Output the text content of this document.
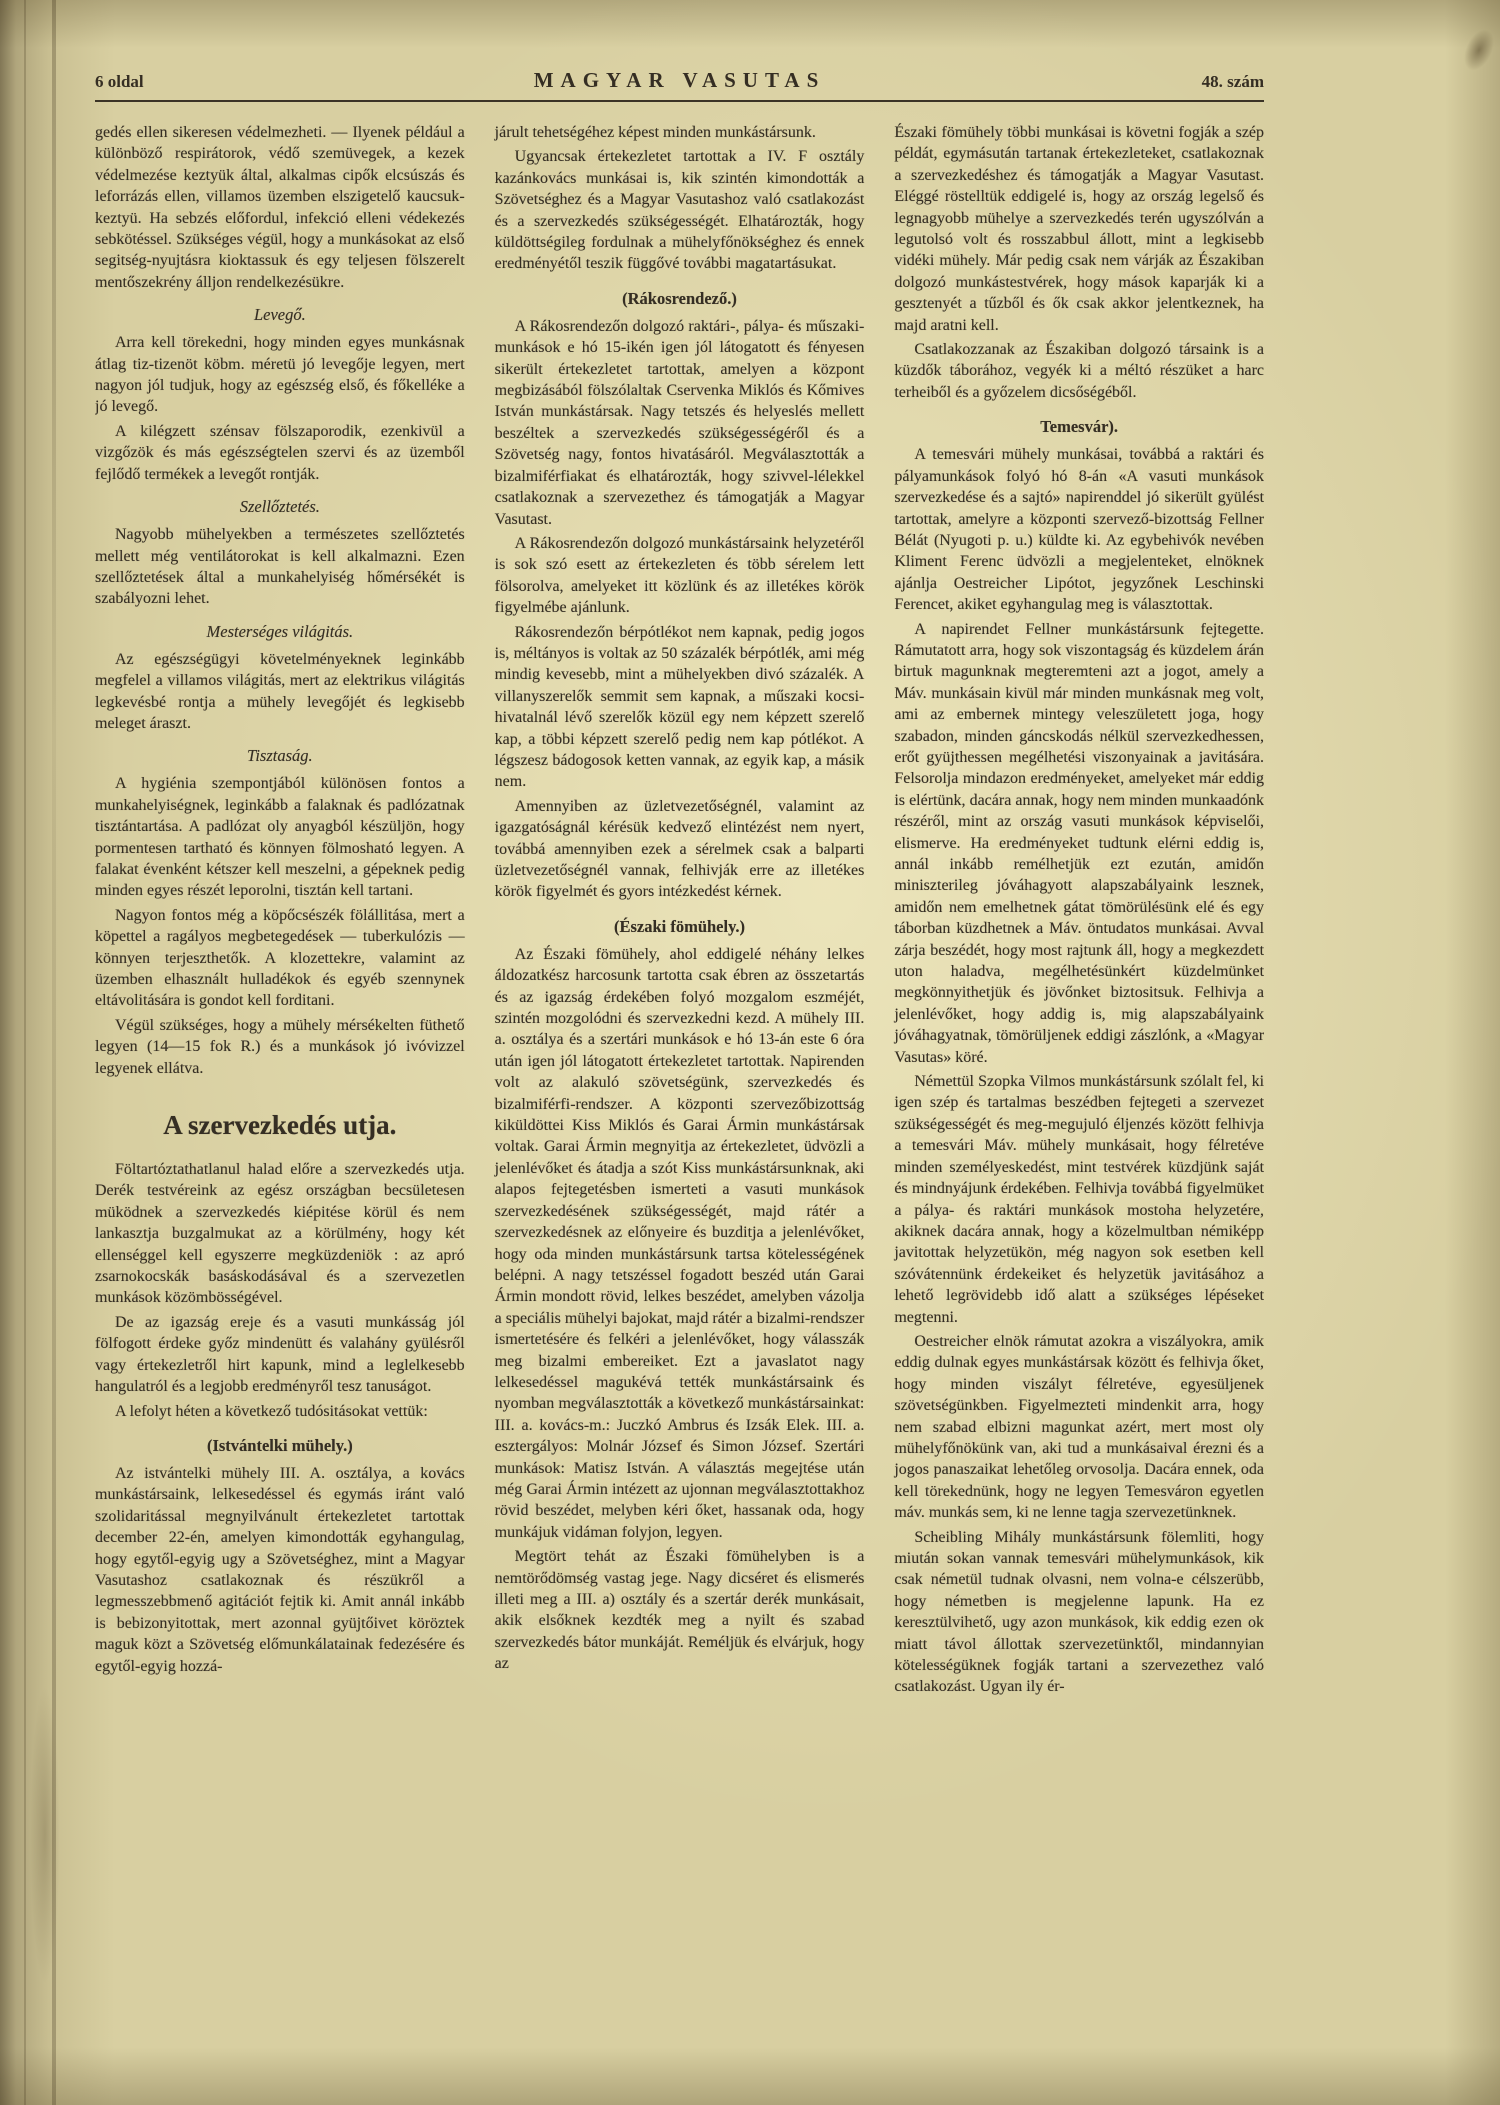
6 oldal	MAGYAR VASUTAS	48. szám

gedés ellen sikeresen védelmezheti. — Ilyenek például a különböző respirátorok, védő szemüvegek, a kezek védelmezése keztyük által, alkalmas cipők elcsúszás és leforrázás ellen, villamos üzemben elszigetelő kaucsuk-keztyü. Ha sebzés előfordul, infekció elleni védekezés sebkötéssel. Szükséges végül, hogy a munkásokat az első segitség-nyujtásra kioktassuk és egy teljesen fölszerelt mentőszekrény álljon rendelkezésükre.

Levegő.

Arra kell törekedni, hogy minden egyes munkásnak átlag tiz-tizenöt köbm. méretü jó levegője legyen, mert nagyon jól tudjuk, hogy az egészség első, és főkelléke a jó levegő.

A kilégzett szénsav fölszaporodik, ezenkivül a vizgőzök és más egészségtelen szervi és az üzemből fejlődő termékek a levegőt rontják.

Szellőztetés.

Nagyobb mühelyekben a természetes szellőztetés mellett még ventilátorokat is kell alkalmazni. Ezen szellőztetések által a munkahelyiség hőmérsékét is szabályozni lehet.

Mesterséges világitás.

Az egészségügyi követelményeknek leginkább megfelel a villamos világitás, mert az elektrikus világitás legkevésbé rontja a mühely levegőjét és legkisebb meleget áraszt.

Tisztaság.

A hygiénia szempontjából különösen fontos a munkahelyiségnek, leginkább a falaknak és padlózatnak tisztántartása. A padlózat oly anyagból készüljön, hogy pormentesen tartható és könnyen fölmosható legyen. A falakat évenként kétszer kell meszelni, a gépeknek pedig minden egyes részét leporolni, tisztán kell tartani.

Nagyon fontos még a köpőcsészék fölállitása, mert a köpettel a ragályos megbetegedések — tuberkulózis — könnyen terjeszthetők. A klozettekre, valamint az üzemben elhasznált hulladékok és egyéb szennynek eltávolitására is gondot kell forditani.

Végül szükséges, hogy a mühely mérsékelten füthető legyen (14—15 fok R.) és a munkások jó ivóvizzel legyenek ellátva.

A szervezkedés utja.

Föltartóztathatlanul halad előre a szervezkedés utja. Derék testvéreink az egész országban becsületesen müködnek a szervezkedés kiépitése körül és nem lankasztja buzgalmukat az a körülmény, hogy két ellenséggel kell egyszerre megküzdeniök : az apró zsarnokocskák basáskodásával és a szervezetlen munkások közömbösségével.

De az igazság ereje és a vasuti munkásság jól fölfogott érdeke győz mindenütt és valahány gyülésről vagy értekezletről hirt kapunk, mind a leglelkesebb hangulatról és a legjobb eredményről tesz tanuságot.

A lefolyt héten a következő tudósitásokat vettük:

(Istvántelki mühely.)

Az istvántelki mühely III. A. osztálya, a kovács munkástársaink, lelkesedéssel és egymás iránt való szolidaritással megnyilvánult értekezletet tartottak december 22-én, amelyen kimondották egyhangulag, hogy egytől-egyig ugy a Szövetséghez, mint a Magyar Vasutashoz csatlakoznak és részükről a legmesszebbmenő agitációt fejtik ki. Amit annál inkább is bebizonyitottak, mert azonnal gyüjtőivet köröztek maguk közt a Szövetség előmunkálatainak fedezésére és egytől-egyig hozzá-

járult tehetségéhez képest minden munkástársunk.

Ugyancsak értekezletet tartottak a IV. F osztály kazánkovács munkásai is, kik szintén kimondották a Szövetséghez és a Magyar Vasutashoz való csatlakozást és a szervezkedés szükségességét. Elhatározták, hogy küldöttségileg fordulnak a mühelyfőnökséghez és ennek eredményétől teszik függővé további magatartásukat.

(Rákosrendező.)

A Rákosrendezőn dolgozó raktári-, pálya- és műszaki-munkások e hó 15-ikén igen jól látogatott és fényesen sikerült értekezletet tartottak, amelyen a központ megbizásából fölszólaltak Cservenka Miklós és Kőmives István munkástársak. Nagy tetszés és helyeslés mellett beszéltek a szervezkedés szükségességéről és a Szövetség nagy, fontos hivatásáról. Megválasztották a bizalmiférfiakat és elhatározták, hogy szivvel-lélekkel csatlakoznak a szervezethez és támogatják a Magyar Vasutast.

A Rákosrendezőn dolgozó munkástársaink helyzetéről is sok szó esett az értekezleten és több sérelem lett fölsorolva, amelyeket itt közlünk és az illetékes körök figyelmébe ajánlunk.

Rákosrendezőn bérpótlékot nem kapnak, pedig jogos is, méltányos is voltak az 50 százalék bérpótlék, ami még mindig kevesebb, mint a mühelyekben divó százalék. A villanyszerelők semmit sem kapnak, a műszaki kocsi-hivatalnál lévő szerelők közül egy nem képzett szerelő kap, a többi képzett szerelő pedig nem kap pótlékot. A légszesz bádogosok ketten vannak, az egyik kap, a másik nem.

Amennyiben az üzletvezetőségnél, valamint az igazgatóságnál kérésük kedvező elintézést nem nyert, továbbá amennyiben ezek a sérelmek csak a balparti üzletvezetőségnél vannak, felhivják erre az illetékes körök figyelmét és gyors intézkedést kérnek.

(Északi fömühely.)

Az Északi fömühely, ahol eddigelé néhány lelkes áldozatkész harcosunk tartotta csak ébren az összetartás és az igazság érdekében folyó mozgalom eszméjét, szintén mozgolódni és szervezkedni kezd. A mühely III. a. osztálya és a szertári munkások e hó 13-án este 6 óra után igen jól látogatott értekezletet tartottak. Napirenden volt az alakuló szövetségünk, szervezkedés és bizalmiférfi-rendszer. A központi szervezőbizottság kiküldöttei Kiss Miklós és Garai Ármin munkástársak voltak. Garai Ármin megnyitja az értekezletet, üdvözli a jelenlévőket és átadja a szót Kiss munkástársunknak, aki alapos fejtegetésben ismerteti a vasuti munkások szervezkedésének szükségességét, majd rátér a szervezkedésnek az előnyeire és buzditja a jelenlévőket, hogy oda minden munkástársunk tartsa kötelességének belépni. A nagy tetszéssel fogadott beszéd után Garai Ármin mondott rövid, lelkes beszédet, amelyben vázolja a speciális mühelyi bajokat, majd rátér a bizalmi-rendszer ismertetésére és felkéri a jelenlévőket, hogy válasszák meg bizalmi embereiket. Ezt a javaslatot nagy lelkesedéssel magukévá tették munkástársaink és nyomban megválasztották a következő munkástársainkat: III. a. kovács-m.: Juczkó Ambrus és Izsák Elek. III. a. esztergályos: Molnár József és Simon József. Szertári munkások: Matisz István. A választás megejtése után még Garai Ármin intézett az ujonnan megválasztottakhoz rövid beszédet, melyben kéri őket, hassanak oda, hogy munkájuk vidáman folyjon, legyen.

Megtört tehát az Északi fömühelyben is a nemtörődömség vastag jege. Nagy dicséret és elismerés illeti meg a III. a) osztály és a szertár derék munkásait, akik elsőknek kezdték meg a nyilt és szabad szervezkedés bátor munkáját. Reméljük és elvárjuk, hogy az

Északi fömühely többi munkásai is követni fogják a szép példát, egymásután tartanak értekezleteket, csatlakoznak a szervezkedéshez és támogatják a Magyar Vasutast. Eléggé röstelltük eddigelé is, hogy az ország legelső és legnagyobb mühelye a szervezkedés terén ugyszólván a legutolsó volt és rosszabbul állott, mint a legkisebb vidéki mühely. Már pedig csak nem várják az Északiban dolgozó munkástestvérek, hogy mások kaparják ki a gesztenyét a tűzből és ők csak akkor jelentkeznek, ha majd aratni kell.

Csatlakozzanak az Északiban dolgozó társaink is a küzdők táborához, vegyék ki a méltó részüket a harc terheiből és a győzelem dicsőségéből.

Temesvár).

A temesvári mühely munkásai, továbbá a raktári és pályamunkások folyó hó 8-án «A vasuti munkások szervezkedése és a sajtó» napirenddel jó sikerült gyülést tartottak, amelyre a központi szervező-bizottság Fellner Bélát (Nyugoti p. u.) küldte ki. Az egybehivók nevében Kliment Ferenc üdvözli a megjelenteket, elnöknek ajánlja Oestreicher Lipótot, jegyzőnek Leschinski Ferencet, akiket egyhangulag meg is választottak.

A napirendet Fellner munkástársunk fejtegette. Rámutatott arra, hogy sok viszontagság és küzdelem árán birtuk magunknak megteremteni azt a jogot, amely a Máv. munkásain kivül már minden munkásnak meg volt, ami az embernek mintegy veleszületett joga, hogy szabadon, minden gáncskodás nélkül szervezkedhessen, erőt gyüjthessen megélhetési viszonyainak a javitására. Felsorolja mindazon eredményeket, amelyeket már eddig is elértünk, dacára annak, hogy nem minden munkaadónk részéről, mint az ország vasuti munkások képviselői, elismerve. Ha eredményeket tudtunk elérni eddig is, annál inkább remélhetjük ezt ezután, amidőn miniszterileg jóváhagyott alapszabályaink lesznek, amidőn nem emelhetnek gátat tömörülésünk elé és egy táborban küzdhetnek a Máv. öntudatos munkásai. Avval zárja beszédét, hogy most rajtunk áll, hogy a megkezdett uton haladva, megélhetésünkért küzdelmünket megkönnyithetjük és jövőnket biztositsuk. Felhivja a jelenlévőket, hogy addig is, mig alapszabályaink jóváhagyatnak, tömörüljenek eddigi zászlónk, a «Magyar Vasutas» köré.

Némettül Szopka Vilmos munkástársunk szólalt fel, ki igen szép és tartalmas beszédben fejtegeti a szervezet szükségességét és meg-megujuló éljenzés között felhivja a temesvári Máv. mühely munkásait, hogy félretéve minden személyeskedést, mint testvérek küzdjünk saját és mindnyájunk érdekében. Felhivja továbbá figyelmüket a pálya- és raktári munkások mostoha helyzetére, akiknek dacára annak, hogy a közelmultban némiképp javitottak helyzetükön, még nagyon sok esetben kell szóvátennünk érdekeiket és helyzetük javitásához a lehető legrövidebb idő alatt a szükséges lépéseket megtenni.

Oestreicher elnök rámutat azokra a viszályokra, amik eddig dulnak egyes munkástársak között és felhivja őket, hogy minden viszályt félretéve, egyesüljenek szövetségünkben. Figyelmezteti mindenkit arra, hogy nem szabad elbizni magunkat azért, mert most oly mühelyfőnökünk van, aki tud a munkásaival érezni és a jogos panaszaikat lehetőleg orvosolja. Dacára ennek, oda kell törekednünk, hogy ne legyen Temesváron egyetlen máv. munkás sem, ki ne lenne tagja szervezetünknek.

Scheibling Mihály munkástársunk fölemliti, hogy miután sokan vannak temesvári mühelymunkások, kik csak németül tudnak olvasni, nem volna-e célszerübb, hogy németben is megjelenne lapunk. Ha ez keresztülvihető, ugy azon munkások, kik eddig ezen ok miatt távol állottak szervezetünktől, mindannyian kötelességüknek fogják tartani a szervezethez való csatlakozást. Ugyan ily ér-
